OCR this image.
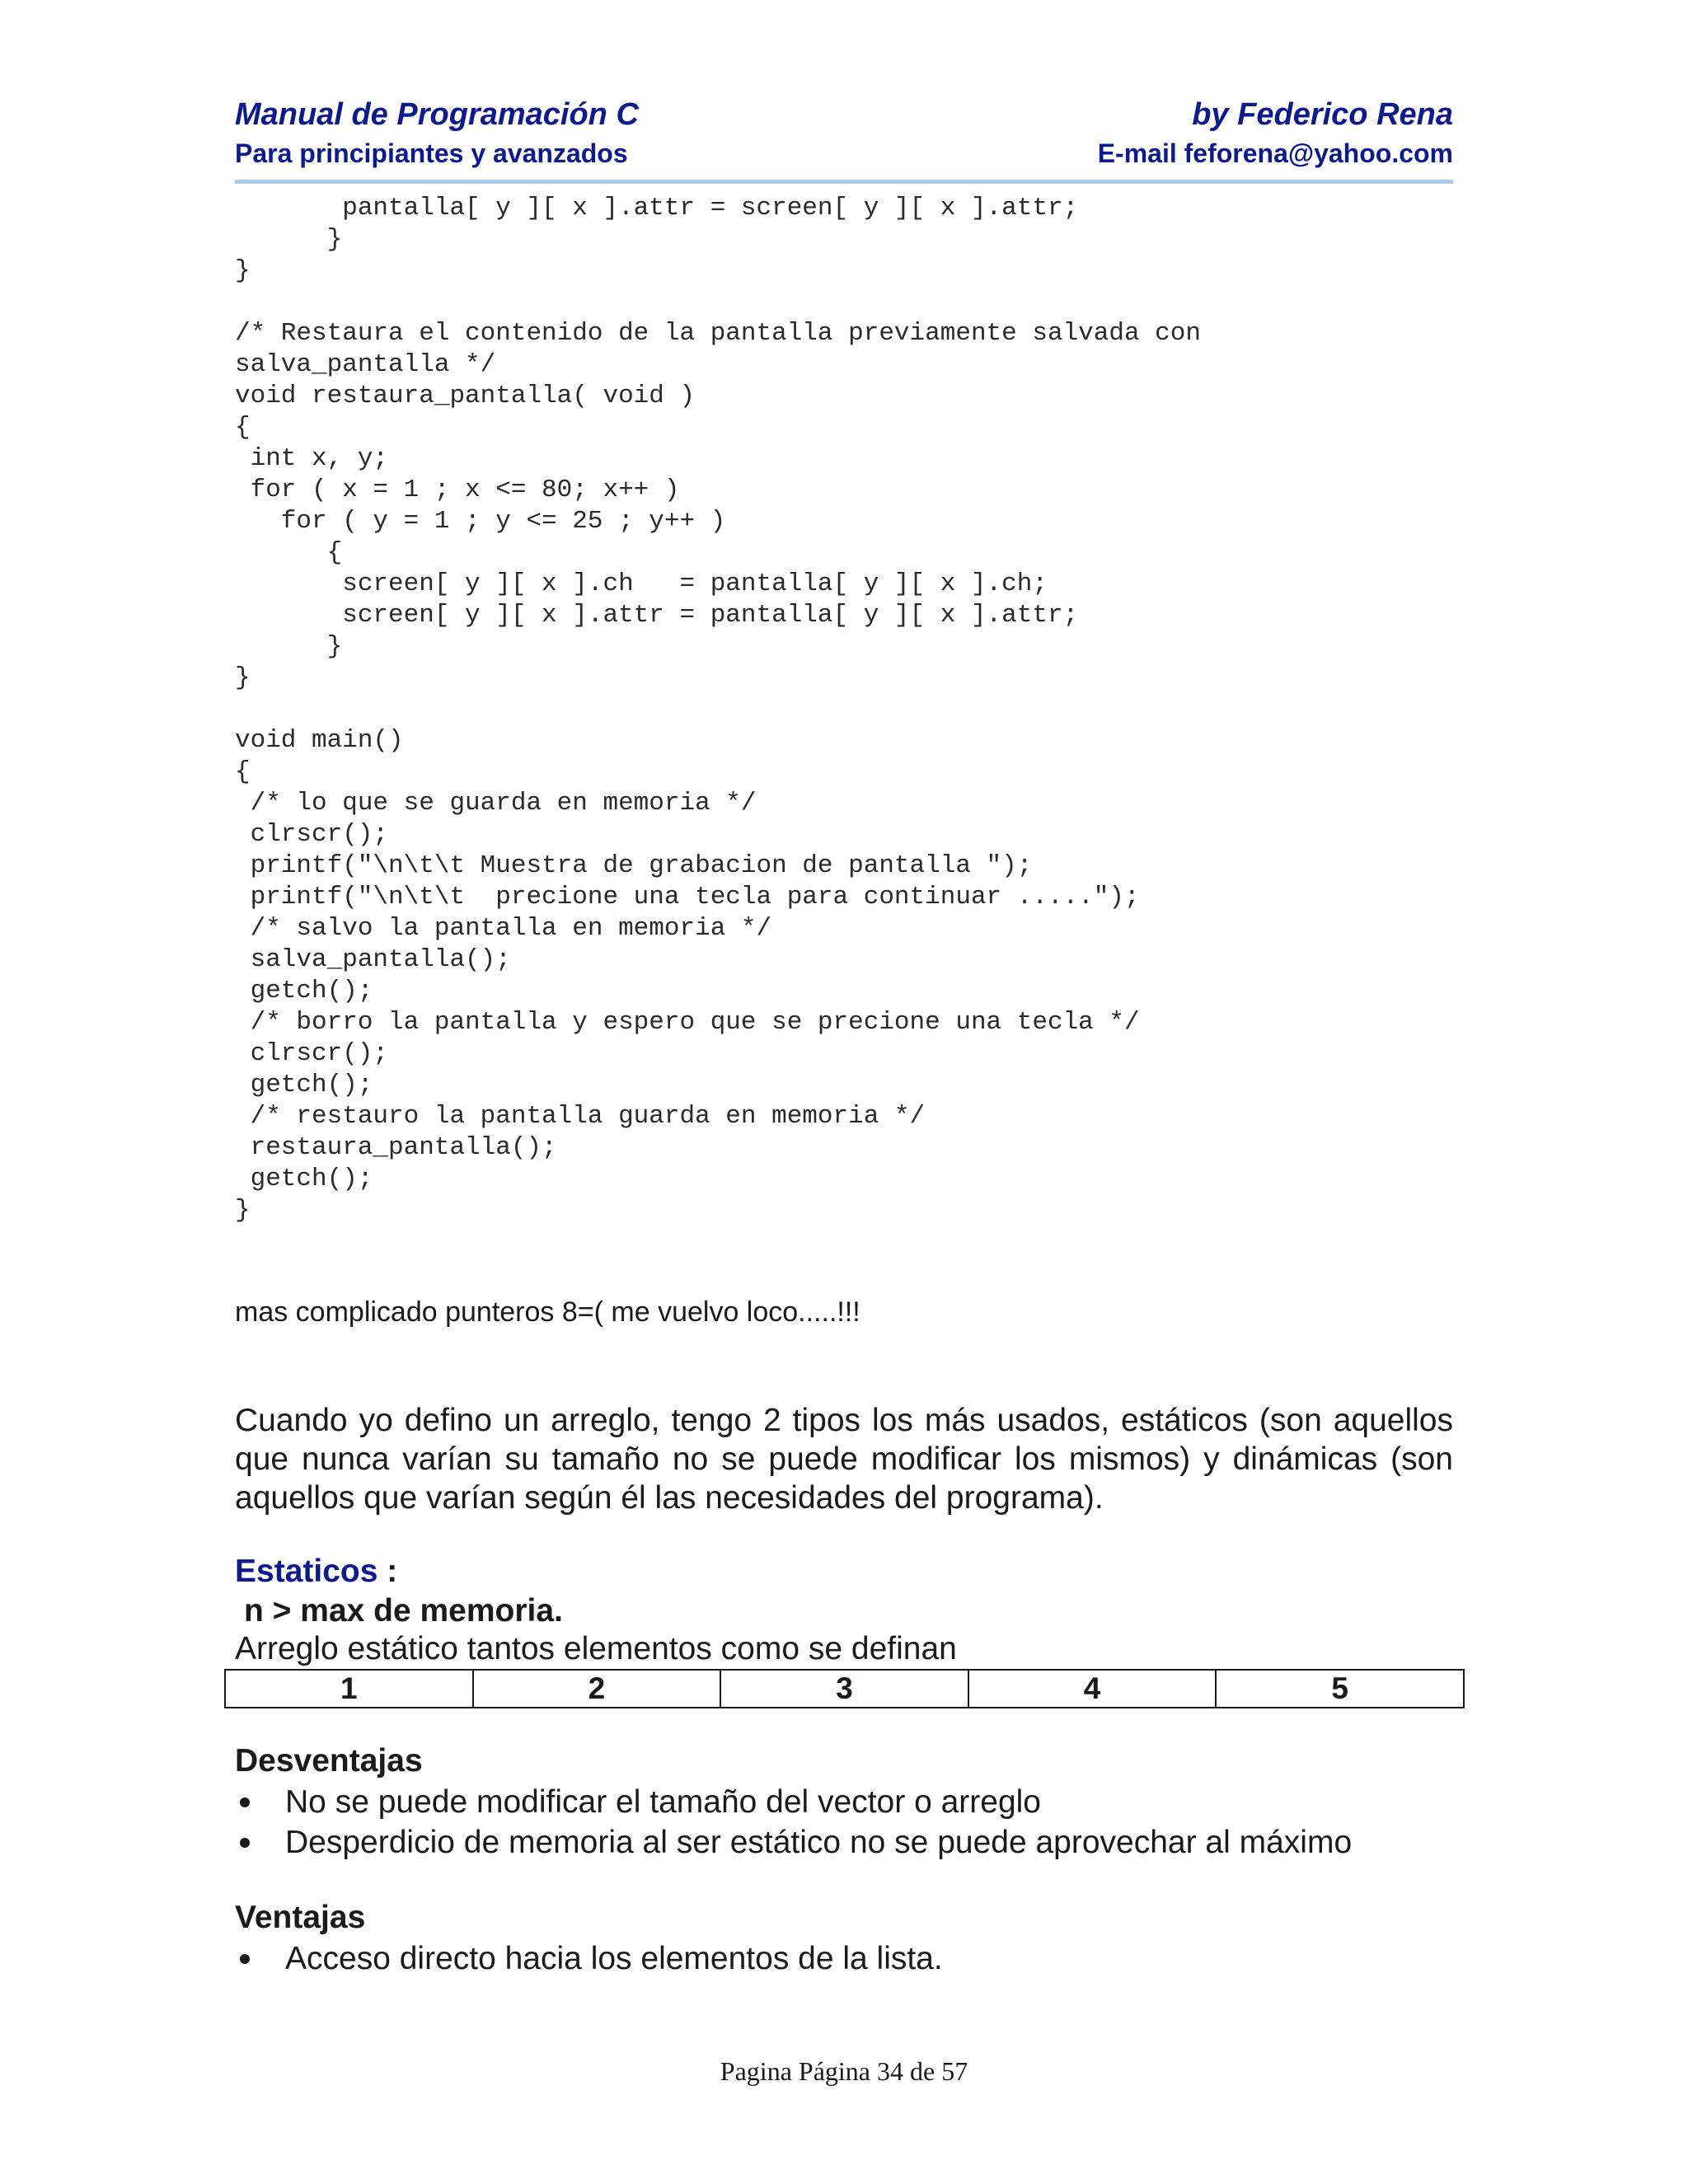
Manual de Programación C
Para principiantes y avanzados
by Federico Rena
E-mail feforena@yahoo.com
pantalla[ y ][ x ].attr = screen[ y ][ x ].attr;
}
}
/* Restaura el contenido de la pantalla previamente salvada con
salva_pantalla */
void restaura_pantalla( void )
{
int x, y;
for ( x = 1 ; x <= 80; x++ )
for ( y = 1 ; y <= 25 ; y++ )
{
screen[ y ][ x ].ch   = pantalla[ y ][ x ].ch;
screen[ y ][ x ].attr = pantalla[ y ][ x ].attr;
}
}
void main()
{
/* lo que se guarda en memoria */
clrscr();
printf("\n\t\t Muestra de grabacion de pantalla ");
printf("\n\t\t  precione una tecla para continuar .....");
/* salvo la pantalla en memoria */
salva_pantalla();
getch();
/* borro la pantalla y espero que se precione una tecla */
clrscr();
getch();
/* restauro la pantalla guarda en memoria */
restaura_pantalla();
getch();
}
mas complicado punteros 8=( me vuelvo loco.....!!!
Cuando yo defino un arreglo, tengo 2 tipos los más usados, estáticos (son aquellos que nunca varían su tamaño no se puede modificar los mismos) y dinámicas (son aquellos que varían según él las necesidades del programa).
Estaticos :
n > max de memoria.
Arreglo estático tantos elementos como se definan
1	2	3	4	5
Desventajas
No se puede modificar el tamaño del vector o arreglo
Desperdicio de memoria al ser estático no se puede aprovechar al máximo
Ventajas
Acceso directo hacia los elementos de la lista.
Pagina Página 34 de 57
